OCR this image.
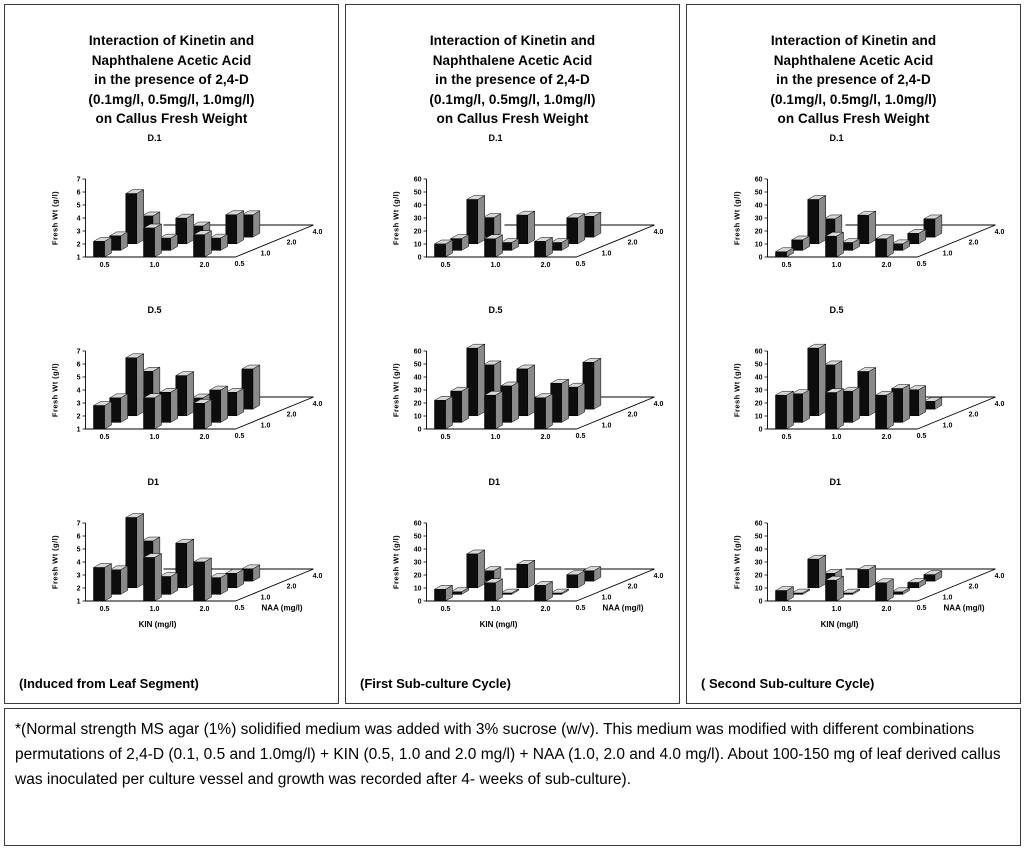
Interaction of Kinetin and
Naphthalene Acetic Acid
in the presence of 2,4-D
(0.1mg/l, 0.5mg/l, 1.0mg/l)
on Callus Fresh Weight
D.1
7
6
5
4
3
2
1
Fresh Wt (g/l)
0.5	1.0	2.0	0.5
1.0
2.0
4.0
D.5
7
6
5
4
3
2
1
Fresh Wt (g/l)
0.5	1.0	2.0	0.5
1.0
2.0
4.0
D1
7
6
5
4
3
2
1
Fresh Wt (g/l)
0.5	1.0	2.0	0.5
1.0
2.0
4.0
KIN (mg/l)
NAA (mg/l)
(Induced from Leaf Segment)
Interaction of Kinetin and
Naphthalene Acetic Acid
in the presence of 2,4-D
(0.1mg/l, 0.5mg/l, 1.0mg/l)
on Callus Fresh Weight
D.1
60
50
40
30
20
10
0
Fresh Wt (g/l)
0.5	1.0	2.0	0.5
1.0
2.0
4.0
D.5
60
50
40
30
20
10
0
Fresh Wt (g/l)
0.5	1.0	2.0	0.5
1.0
2.0
4.0
D1
60
50
40
30
20
10
0
Fresh Wt (g/l)
0.5	1.0	2.0	0.5
1.0
2.0
4.0
KIN (mg/l)
NAA (mg/l)
(First Sub-culture Cycle)
Interaction of Kinetin and
Naphthalene Acetic Acid
in the presence of 2,4-D
(0.1mg/l, 0.5mg/l, 1.0mg/l)
on Callus Fresh Weight
D.1
60
50
40
30
20
10
0
Fresh Wt (g/l)
0.5	1.0	2.0	0.5
1.0
2.0
4.0
D.5
60
50
40
30
20
10
0
Fresh Wt (g/l)
0.5	1.0	2.0	0.5
1.0
2.0
4.0
D1
60
50
40
30
20
10
0
Fresh Wt (g/l)
0.5	1.0	2.0	0.5
1.0
2.0
4.0
KIN (mg/l)
NAA (mg/l)
( Second Sub-culture Cycle)

*(Normal strength MS agar (1%) solidified medium was added with 3% sucrose (w/v). This medium was modified with different combinations permutations of 2,4-D (0.1, 0.5 and 1.0mg/l) + KIN (0.5, 1.0 and 2.0 mg/l) + NAA (1.0, 2.0 and 4.0 mg/l). About 100-150 mg of leaf derived callus was inoculated per culture vessel and growth was recorded after 4- weeks of sub-culture).
